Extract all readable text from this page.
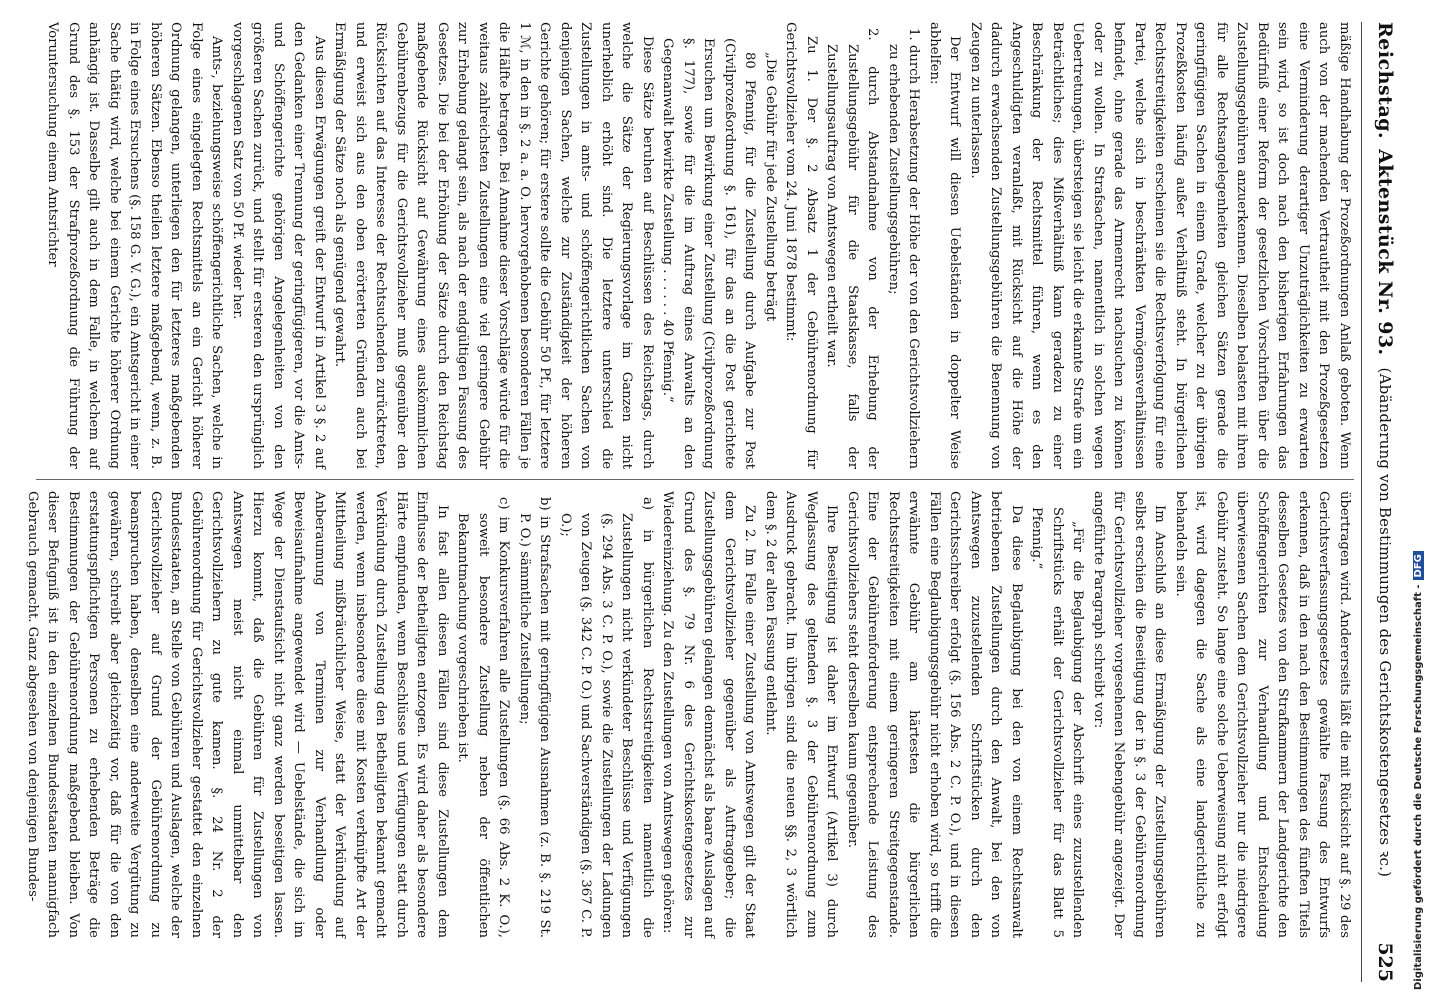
Reichstag.
Aktenstück Nr. 93.
(Abänderung von Bestimmungen des Gerichtskostengesetzes ꝛc.)
525

mäßige Handhabung der Prozeßordnungen Anlaß geboten. Wenn auch von der machenden Vertrautheit mit den Prozeßgesetzen eine Verminderung derartiger Unzuträglichkeiten zu erwarten sein wird, so ist doch nach den bisherigen Erfahrungen das Bedürfniß einer Reform der gesetzlichen Vorschriften über die Zustellungsgebühren anzuerkennen. Dieselben belasten mit ihren für alle Rechtsangelegenheiten gleichen Sätzen gerade die geringfügigen Sachen in einem Grade, welcher zu der übrigen Prozeßkosten häufig außer Verhältniß steht. In bürgerlichen Rechtsstreitigkeiten erscheinen sie die Rechtsverfolgung für eine Partei, welche sich in beschränkten Vermögensverhältnissen befindet, ohne gerade das Armenrecht nachsuchen zu können oder zu wollen. In Strafsachen, namentlich in solchen wegen Uebertretungen, übersteigen sie leicht die erkannte Strafe um ein Beträchtliches; dies Mißverhältniß kann geradezu zu einer Beschränkung der Rechtsmittel führen, wenn es den Angeschuldigten veranlaßt, mit Rücksicht auf die Höhe der dadurch erwachsenden Zustellungsgebühren die Benennung von Zeugen zu unterlassen.

Der Entwurf will diesen Uebelständen in doppelter Weise abhelfen:

1. durch Herabsetzung der Höhe der von den Gerichtsvollziehern zu erhebenden Zustellungsgebühren;

2. durch Abstandnahme von der Erhebung der Zustellungsgebühr für die Staatskasse, falls der Zustellungsauftrag von Amtswegen ertheilt war.

Zu 1. Der §. 2 Absatz 1 der Gebührenordnung für Gerichtsvollzieher vom 24. Juni 1878 bestimmt:

„Die Gebühr für jede Zustellung beträgt

80 Pfennig, für die Zustellung durch Aufgabe zur Post (Civilprozeßordnung §. 161), für das an die Post gerichtete Ersuchen um Bewirkung einer Zustellung (Civilprozeßordnung §. 177), sowie für die im Auftrag eines Anwalts an den Gegenanwalt bewirkte Zustellung . . . . . . 40 Pfennig.“

Diese Sätze beruhen auf Beschlüssen des Reichstags, durch welche die Sätze der Regierungsvorlage im Ganzen nicht unerheblich erhöht sind. Die letztere unterschied die Zustellungen in amts- und schöffengerichtlichen Sachen von denjenigen Sachen, welche zur Zuständigkeit der höheren Gerichte gehören; für erstere sollte die Gebühr 50 Pf., für letztere 1 ℳ, in den in §. 2 a. a. O. hervorgehobenen besonderen Fällen je die Hälfte betragen. Bei Annahme dieser Vorschläge würde für die weitaus zahlreichsten Zustellungen eine viel geringere Gebühr zur Erhebung gelangt sein, als nach der endgültigen Fassung des Gesetzes. Die bei der Erhöhung der Sätze durch den Reichstag maßgebende Rücksicht auf Gewährung eines auskömmlichen Gebührenbezugs für die Gerichtsvollzieher muß gegenüber den Rücksichten auf das Interesse der Rechtsuchenden zurücktreten, und erweist sich aus den oben erörterten Gründen auch bei Ermäßigung der Sätze noch als genügend gewahrt.

Aus diesen Erwägungen greift der Entwurf in Artikel 3 §. 2 auf den Gedanken einer Trennung der geringfügigeren, vor die Amts- und Schöffengerichte gehörigen Angelegenheiten von den größeren Sachen zurück, und stellt für ersteren den ursprünglich vorgeschlagenen Satz von 50 Pf. wieder her.

Amts-, beziehungsweise schöffengerichtliche Sachen, welche in Folge eines eingelegten Rechtsmittels an ein Gericht höherer Ordnung gelangen, unterliegen den für letzteres maßgebenden höheren Sätzen. Ebenso theilen letztere maßgebend, wenn, z. B. in Folge eines Ersuchens (§. 158 G. V. G.), ein Amtsgericht in einer Sache thätig wird, welche bei einem Gerichte höherer Ordnung anhängig ist. Dasselbe gilt auch in dem Falle, in welchem auf Grund des §. 153 der Strafprozeßordnung die Führung der Voruntersuchung einem Amtsrichter

übertragen wird. Andererseits läßt die mit Rücksicht auf §. 29 des Gerichtsverfassungsgesetzes gewählte Fassung des Entwurfs erkennen, daß in den nach den Bestimmungen des fünften Titels desselben Gesetzes von den Strafkammern der Landgerichte den Schöffengerichten zur Verhandlung und Entscheidung überwiesenen Sachen dem Gerichtsvollzieher nur die niedrigere Gebühr zusteht. So lange eine solche Ueberweisung nicht erfolgt ist, wird dagegen die Sache als eine landgerichtliche zu behandeln sein.

Im Anschluß an diese Ermäßigung der Zustellungsgebühren selbst erschien die Beseitigung der in §. 3 der Gebührenordnung für Gerichtsvollzieher vorgesehenen Nebengebühr angezeigt. Der angeführte Paragraph schreibt vor:

„Für die Beglaubigung der Abschrift eines zuzustellenden Schriftstücks erhält der Gerichtsvollzieher für das Blatt 5 Pfennig.“

Da diese Beglaubigung bei den von einem Rechtsanwalt betriebenen Zustellungen durch den Anwalt, bei den von Amtswegen zuzustellenden Schriftstücken durch den Gerichtsschreiber erfolgt (§. 156 Abs. 2 C. P. O.), und in diesen Fällen eine Beglaubigungsgebühr nicht erhoben wird, so trifft die erwähnte Gebühr am härtesten die bürgerlichen Rechtsstreitigkeiten mit einem geringeren Streitgegenstande. Eine der Gebührenforderung entsprechende Leistung des Gerichtsvollziehers steht derselben kaum gegenüber.

Ihre Beseitigung ist daher im Entwurf (Artikel 3) durch Weglassung des geltenden §. 3 der Gebührenordnung zum Ausdruck gebracht. Im übrigen sind die neuen §§. 2, 3 wörtlich dem §. 2 der alten Fassung entlehnt.

Zu 2. Im Falle einer Zustellung von Amtswegen gilt der Staat dem Gerichtsvollzieher gegenüber als Auftraggeber; die Zustellungsgebühren gelangen demnächst als baare Auslagen auf Grund des §. 79 Nr. 6 des Gerichtskostengesetzes zur Wiedereinziehung. Zu den Zustellungen von Amtswegen gehören:

a) in bürgerlichen Rechtsstreitigkeiten namentlich die Zustellungen nicht verkündeter Beschlüsse und Verfügungen (§. 294 Abs. 3 C. P. O.), sowie die Zustellungen der Ladungen von Zeugen (§. 342 C. P. O.) und Sachverständigen (§. 367 C. P. O.);

b) in Strafsachen mit geringfügigen Ausnahmen (z. B. §. 219 St. P. O.) sämmtliche Zustellungen;

c) im Konkursverfahren alle Zustellungen (§. 66 Abs. 2 K. O.), soweit besondere Zustellung neben der öffentlichen Bekanntmachung vorgeschrieben ist.

In fast allen diesen Fällen sind diese Zustellungen dem Einflusse der Betheiligten entzogen. Es wird daher als besondere Härte empfunden, wenn Beschlüsse und Verfügungen statt durch Verkündung durch Zustellung den Betheiligten bekannt gemacht werden, wenn insbesondere diese mit Kosten verknüpfte Art der Mittheilung mißbräuchlicher Weise, statt der Verkündung auf Anberaumung von Terminen zur Verhandlung oder Beweisaufnahme angewendet wird — Uebelstände, die sich im Wege der Dienstaufsicht nicht ganz werden beseitigen lassen. Hierzu kommt, daß die Gebühren für Zustellungen von Amtswegen meist nicht einmal unmittelbar den Gerichtsvollziehern zu gute kamen. §. 24 Nr. 2 der Gebührenordnung für Gerichtsvollzieher gestattet den einzelnen Bundesstaaten, an Stelle von Gebühren und Auslagen, welche der Gerichtsvollzieher auf Grund der Gebührenordnung zu beanspruchen haben, denselben eine anderweite Vergütung zu gewähren, schreibt aber gleichzeitig vor, daß für die von den erstattungspflichtigen Personen zu erhebenden Beträge die Bestimmungen der Gebührenordnung maßgebend bleiben. Von dieser Befugniß ist in den einzelnen Bundesstaaten mannigfach Gebrauch gemacht. Ganz abgesehen von denjenigen Bundes-	Digitalisierung gefördert durch die Deutsche Forschungsgemeinschaft -DFG
